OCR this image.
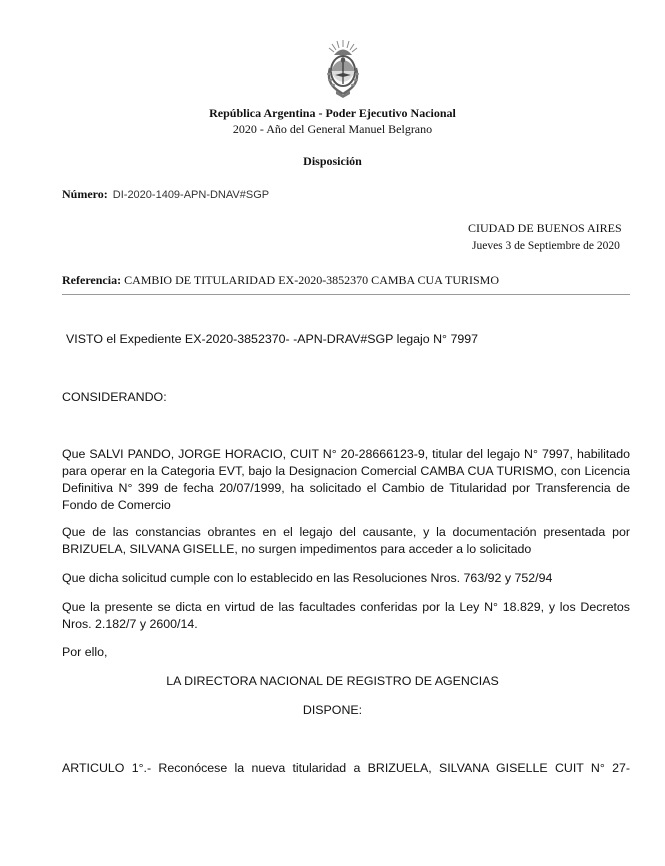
República Argentina - Poder Ejecutivo Nacional
2020 - Año del General Manuel Belgrano
Disposición
Número: DI-2020-1409-APN-DNAV#SGP
CIUDAD DE BUENOS AIRES
Jueves 3 de Septiembre de 2020
Referencia: CAMBIO DE TITULARIDAD EX-2020-3852370 CAMBA CUA TURISMO
VISTO el Expediente EX-2020-3852370- -APN-DRAV#SGP legajo N° 7997
CONSIDERANDO:
Que SALVI PANDO, JORGE HORACIO, CUIT N° 20-28666123-9, titular del legajo N° 7997, habilitado para operar en la Categoria EVT, bajo la Designacion Comercial CAMBA CUA TURISMO, con Licencia Definitiva N° 399 de fecha 20/07/1999, ha solicitado el Cambio de Titularidad por Transferencia de Fondo de Comercio
Que de las constancias obrantes en el legajo del causante, y la documentación presentada por BRIZUELA, SILVANA GISELLE, no surgen impedimentos para acceder a lo solicitado
Que dicha solicitud cumple con lo establecido en las Resoluciones Nros. 763/92 y 752/94
Que la presente se dicta en virtud de las facultades conferidas por la Ley N° 18.829, y los Decretos Nros. 2.182/7 y 2600/14.
Por ello,
LA DIRECTORA NACIONAL DE REGISTRO DE AGENCIAS
DISPONE:
ARTICULO 1°.- Reconócese la nueva titularidad a BRIZUELA, SILVANA GISELLE CUIT N° 27-
